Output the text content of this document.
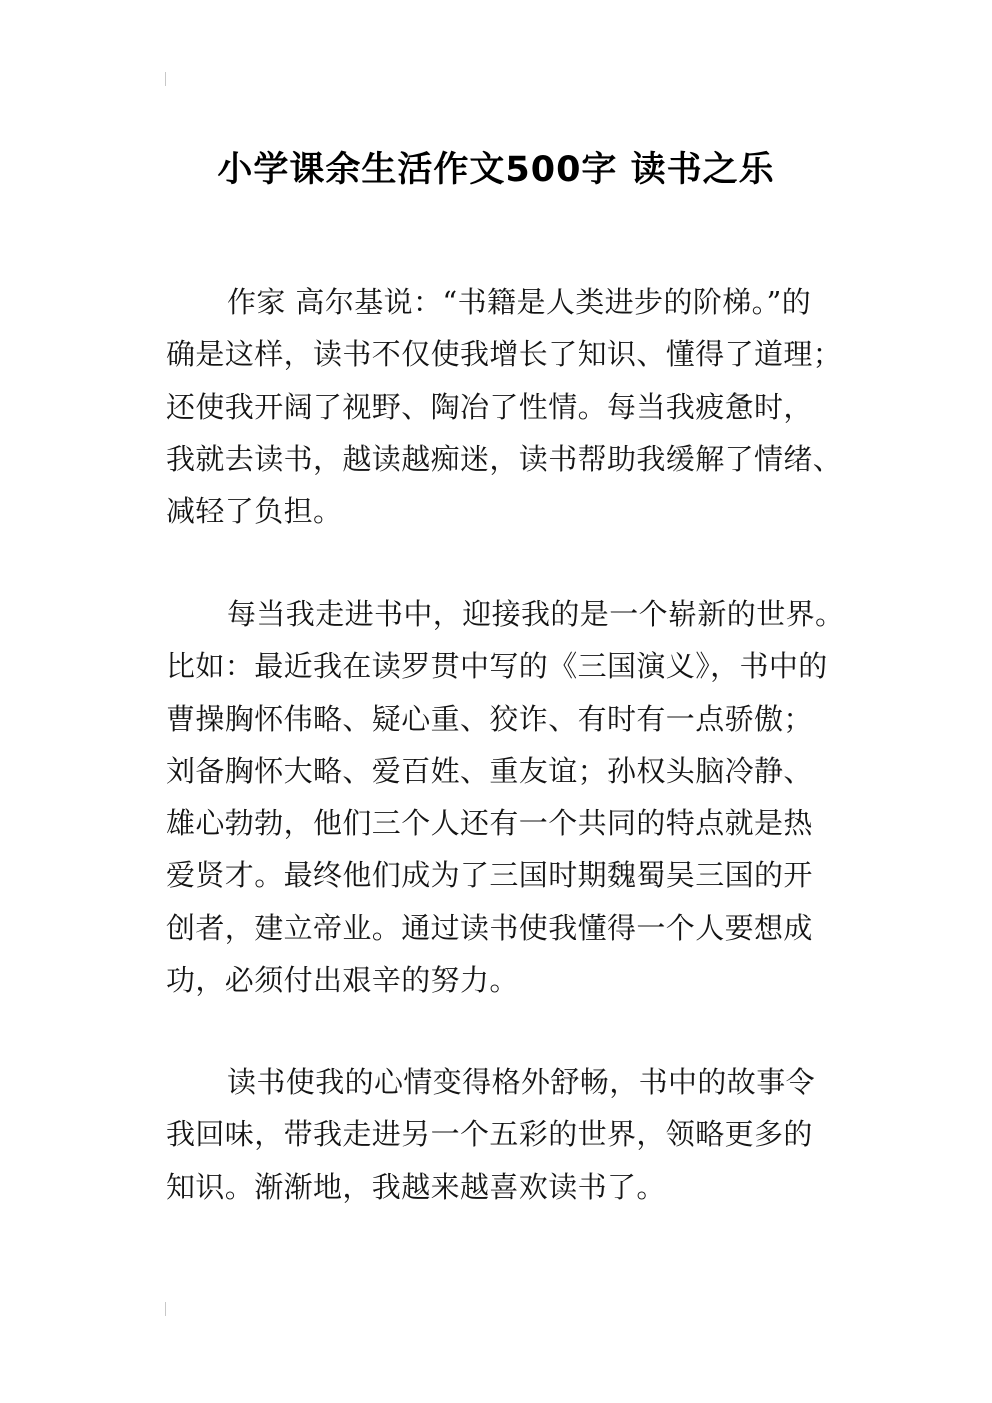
小学课余生活作文500字 读书之乐
作家 高尔基说：“书籍是人类进步的阶梯。”的
确是这样，读书不仅使我增长了知识、懂得了道理；
还使我开阔了视野、陶冶了性情。每当我疲惫时，
我就去读书，越读越痴迷，读书帮助我缓解了情绪、
减轻了负担。
每当我走进书中，迎接我的是一个崭新的世界。
比如：最近我在读罗贯中写的《三国演义》，书中的
曹操胸怀伟略、疑心重、狡诈、有时有一点骄傲；
刘备胸怀大略、爱百姓、重友谊；孙权头脑冷静、
雄心勃勃，他们三个人还有一个共同的特点就是热
爱贤才。最终他们成为了三国时期魏蜀吴三国的开
创者，建立帝业。通过读书使我懂得一个人要想成
功，必须付出艰辛的努力。
读书使我的心情变得格外舒畅，书中的故事令
我回味，带我走进另一个五彩的世界，领略更多的
知识。渐渐地，我越来越喜欢读书了。
